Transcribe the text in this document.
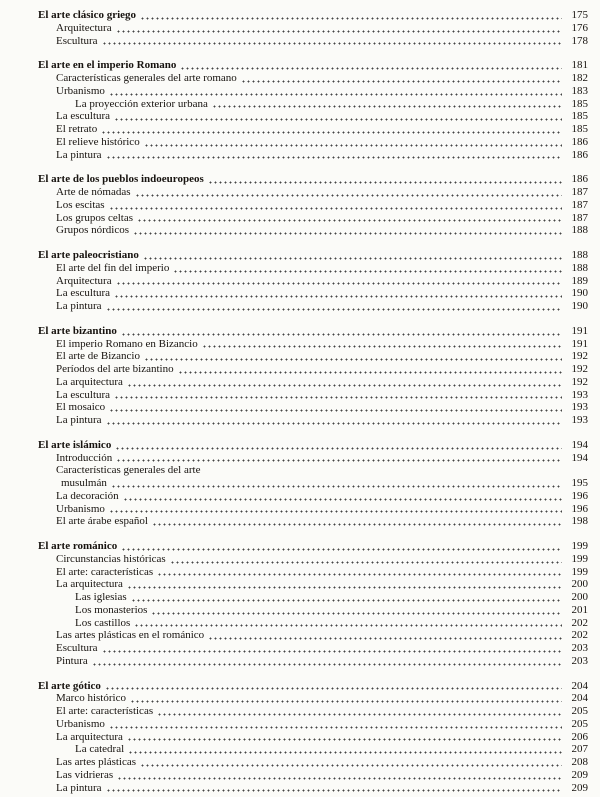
El arte clásico griego	175
Arquitectura	176
Escultura	178
El arte en el imperio Romano	181
Características generales del arte romano	182
Urbanismo	183
La proyección exterior urbana	185
La escultura	185
El retrato	185
El relieve histórico	186
La pintura	186
El arte de los pueblos indoeuropeos	186
Arte de nómadas	187
Los escitas	187
Los grupos celtas	187
Grupos nórdicos	188
El arte paleocristiano	188
El arte del fin del imperio	188
Arquitectura	189
La escultura	190
La pintura	190
El arte bizantino	191
El imperio Romano en Bizancio	191
El arte de Bizancio	192
Períodos del arte bizantino	192
La arquitectura	192
La escultura	193
El mosaico	193
La pintura	193
El arte islámico	194
Introducción	194
Características generales del arte
musulmán	195
La decoración	196
Urbanismo	196
El arte árabe español	198
El arte románico	199
Circunstancias históricas	199
El arte: características	199
La arquitectura	200
Las iglesias	200
Los monasterios	201
Los castillos	202
Las artes plásticas en el románico	202
Escultura	203
Pintura	203
El arte gótico	204
Marco histórico	204
El arte: características	205
Urbanismo	205
La arquitectura	206
La catedral	207
Las artes plásticas	208
Las vidrieras	209
La pintura	209
